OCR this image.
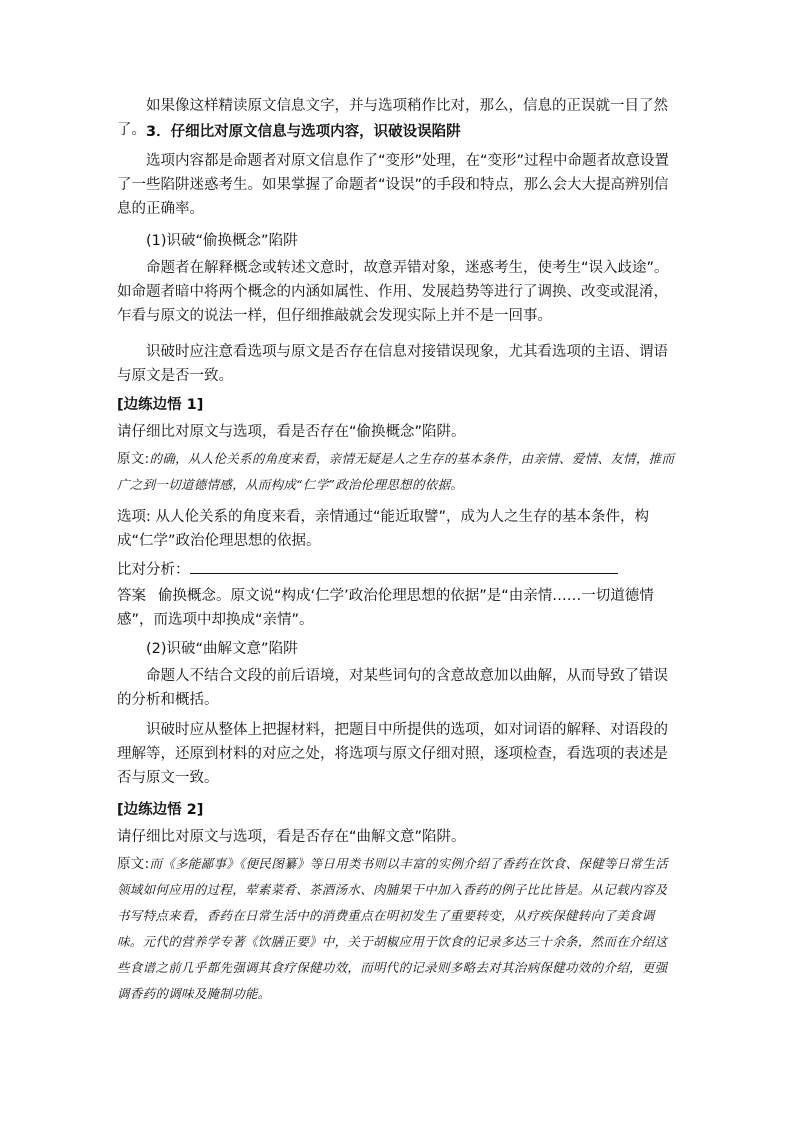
如果像这样精读原文信息文字，并与选项稍作比对，那么，信息的正误就一目了然了。 3．仔细比对原文信息与选项内容，识破设误陷阱

选项内容都是命题者对原文信息作了“变形”处理，在“变形”过程中命题者故意设置了一些陷阱迷惑考生。如果掌握了命题者“设误”的手段和特点，那么会大大提高辨别信息的正确率。

(1)识破“偷换概念”陷阱

命题者在解释概念或转述文意时，故意弄错对象，迷惑考生，使考生“误入歧途”。如命题者暗中将两个概念的内涵如属性、作用、发展趋势等进行了调换、改变或混淆，乍看与原文的说法一样，但仔细推敲就会发现实际上并不是一回事。

识破时应注意看选项与原文是否存在信息对接错误现象，尤其看选项的主语、谓语与原文是否一致。

[边练边悟 1]

请仔细比对原文与选项，看是否存在“偷换概念”陷阱。

原文:的确，从人伦关系的角度来看，亲情无疑是人之生存的基本条件，由亲情、爱情、友情，推而广之到一切道德情感，从而构成“仁学”政治伦理思想的依据。

选项: 从人伦关系的角度来看，亲情通过“能近取譬”，成为人之生存的基本条件，构成“仁学”政治伦理思想的依据。

比对分析：

答案 偷换概念。原文说“构成‘仁学’政治伦理思想的依据”是“由亲情……一切道德情感”，而选项中却换成“亲情”。

(2)识破“曲解文意”陷阱

命题人不结合文段的前后语境，对某些词句的含意故意加以曲解，从而导致了错误的分析和概括。

识破时应从整体上把握材料，把题目中所提供的选项，如对词语的解释、对语段的理解等，还原到材料的对应之处，将选项与原文仔细对照，逐项检查，看选项的表述是否与原文一致。

[边练边悟 2]

请仔细比对原文与选项，看是否存在“曲解文意”陷阱。

原文:而《多能鄙事》《便民图纂》等日用类书则以丰富的实例介绍了香药在饮食、保健等日常生活领域如何应用的过程，荤素菜肴、茶酒汤水、肉脯果干中加入香药的例子比比皆是。从记载内容及书写特点来看，香药在日常生活中的消费重点在明初发生了重要转变，从疗疾保健转向了美食调味。元代的营养学专著《饮膳正要》中，关于胡椒应用于饮食的记录多达三十余条，然而在介绍这些食谱之前几乎都先强调其食疗保健功效，而明代的记录则多略去对其治病保健功效的介绍，更强调香药的调味及腌制功能。
